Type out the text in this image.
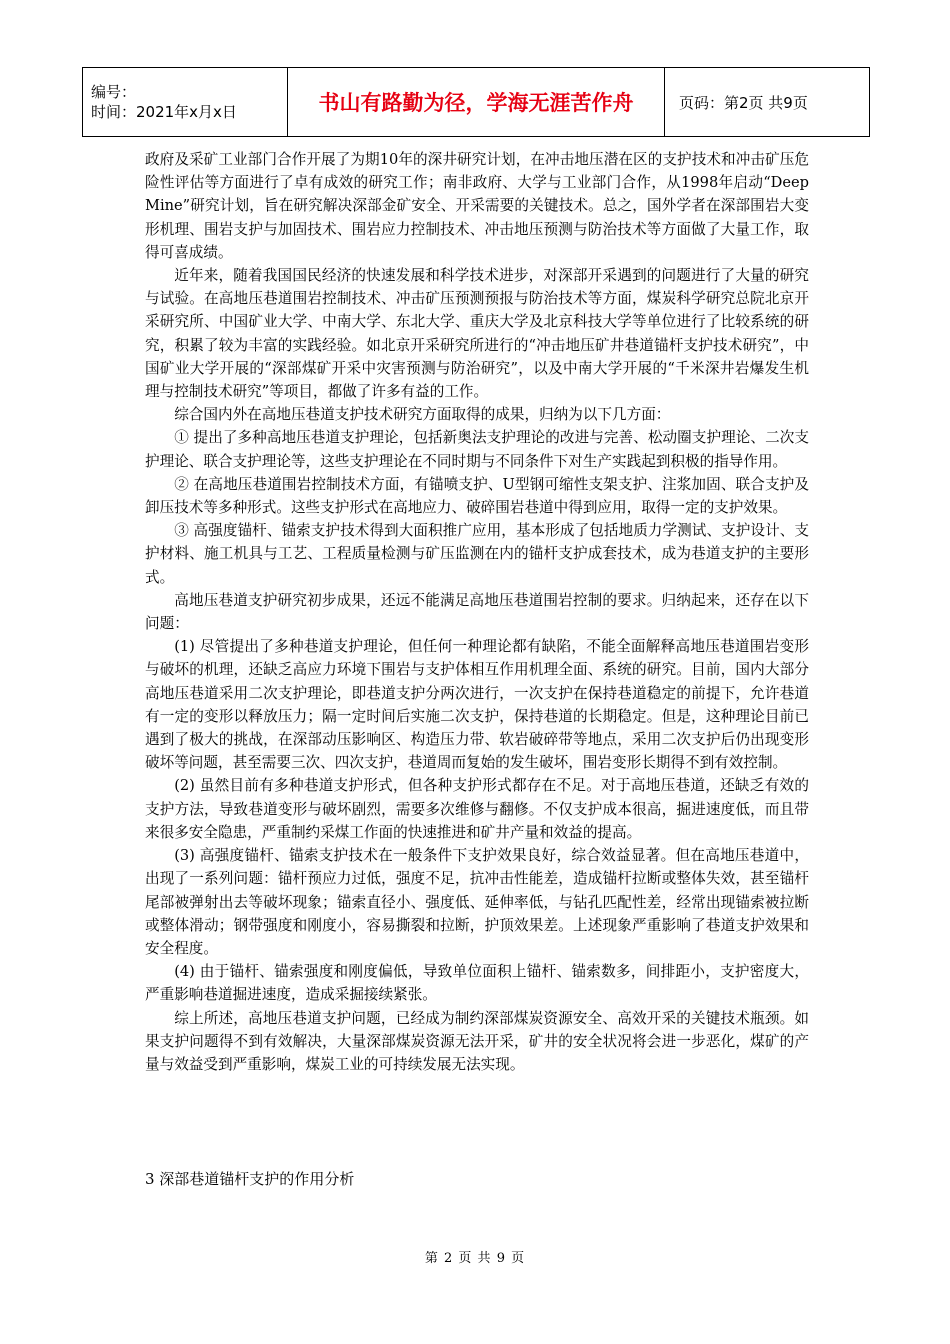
编号：
时间：2021年x月x日	书山有路勤为径，学海无涯苦作舟	页码：第2页 共9页

政府及采矿工业部门合作开展了为期10年的深井研究计划，在冲击地压潜在区的支护技术和冲击矿压危险性评估等方面进行了卓有成效的研究工作；南非政府、大学与工业部门合作，从1998年启动“Deep Mine”研究计划，旨在研究解决深部金矿安全、开采需要的关键技术。总之，国外学者在深部围岩大变形机理、围岩支护与加固技术、围岩应力控制技术、冲击地压预测与防治技术等方面做了大量工作，取得可喜成绩。

近年来，随着我国国民经济的快速发展和科学技术进步，对深部开采遇到的问题进行了大量的研究与试验。在高地压巷道围岩控制技术、冲击矿压预测预报与防治技术等方面，煤炭科学研究总院北京开采研究所、中国矿业大学、中南大学、东北大学、重庆大学及北京科技大学等单位进行了比较系统的研究，积累了较为丰富的实践经验。如北京开采研究所进行的“冲击地压矿井巷道锚杆支护技术研究”，中国矿业大学开展的“深部煤矿开采中灾害预测与防治研究”，以及中南大学开展的“千米深井岩爆发生机理与控制技术研究”等项目，都做了许多有益的工作。

综合国内外在高地压巷道支护技术研究方面取得的成果，归纳为以下几方面：

① 提出了多种高地压巷道支护理论，包括新奥法支护理论的改进与完善、松动圈支护理论、二次支护理论、联合支护理论等，这些支护理论在不同时期与不同条件下对生产实践起到积极的指导作用。

② 在高地压巷道围岩控制技术方面，有锚喷支护、U型钢可缩性支架支护、注浆加固、联合支护及卸压技术等多种形式。这些支护形式在高地应力、破碎围岩巷道中得到应用，取得一定的支护效果。

③ 高强度锚杆、锚索支护技术得到大面积推广应用，基本形成了包括地质力学测试、支护设计、支护材料、施工机具与工艺、工程质量检测与矿压监测在内的锚杆支护成套技术，成为巷道支护的主要形式。

高地压巷道支护研究初步成果，还远不能满足高地压巷道围岩控制的要求。归纳起来，还存在以下问题：

(1) 尽管提出了多种巷道支护理论，但任何一种理论都有缺陷，不能全面解释高地压巷道围岩变形与破坏的机理，还缺乏高应力环境下围岩与支护体相互作用机理全面、系统的研究。目前，国内大部分高地压巷道采用二次支护理论，即巷道支护分两次进行，一次支护在保持巷道稳定的前提下，允许巷道有一定的变形以释放压力；隔一定时间后实施二次支护，保持巷道的长期稳定。但是，这种理论目前已遇到了极大的挑战，在深部动压影响区、构造压力带、软岩破碎带等地点，采用二次支护后仍出现变形破坏等问题，甚至需要三次、四次支护，巷道周而复始的发生破坏，围岩变形长期得不到有效控制。

(2) 虽然目前有多种巷道支护形式，但各种支护形式都存在不足。对于高地压巷道，还缺乏有效的支护方法，导致巷道变形与破坏剧烈，需要多次维修与翻修。不仅支护成本很高，掘进速度低，而且带来很多安全隐患，严重制约采煤工作面的快速推进和矿井产量和效益的提高。

(3) 高强度锚杆、锚索支护技术在一般条件下支护效果良好，综合效益显著。但在高地压巷道中，出现了一系列问题：锚杆预应力过低，强度不足，抗冲击性能差，造成锚杆拉断或整体失效，甚至锚杆尾部被弹射出去等破坏现象；锚索直径小、强度低、延伸率低，与钻孔匹配性差，经常出现锚索被拉断或整体滑动；钢带强度和刚度小，容易撕裂和拉断，护顶效果差。上述现象严重影响了巷道支护效果和安全程度。

(4) 由于锚杆、锚索强度和刚度偏低，导致单位面积上锚杆、锚索数多，间排距小，支护密度大，严重影响巷道掘进速度，造成采掘接续紧张。

综上所述，高地压巷道支护问题，已经成为制约深部煤炭资源安全、高效开采的关键技术瓶颈。如果支护问题得不到有效解决，大量深部煤炭资源无法开采，矿井的安全状况将会进一步恶化，煤矿的产量与效益受到严重影响，煤炭工业的可持续发展无法实现。

3 深部巷道锚杆支护的作用分析
第 2 页 共 9 页
